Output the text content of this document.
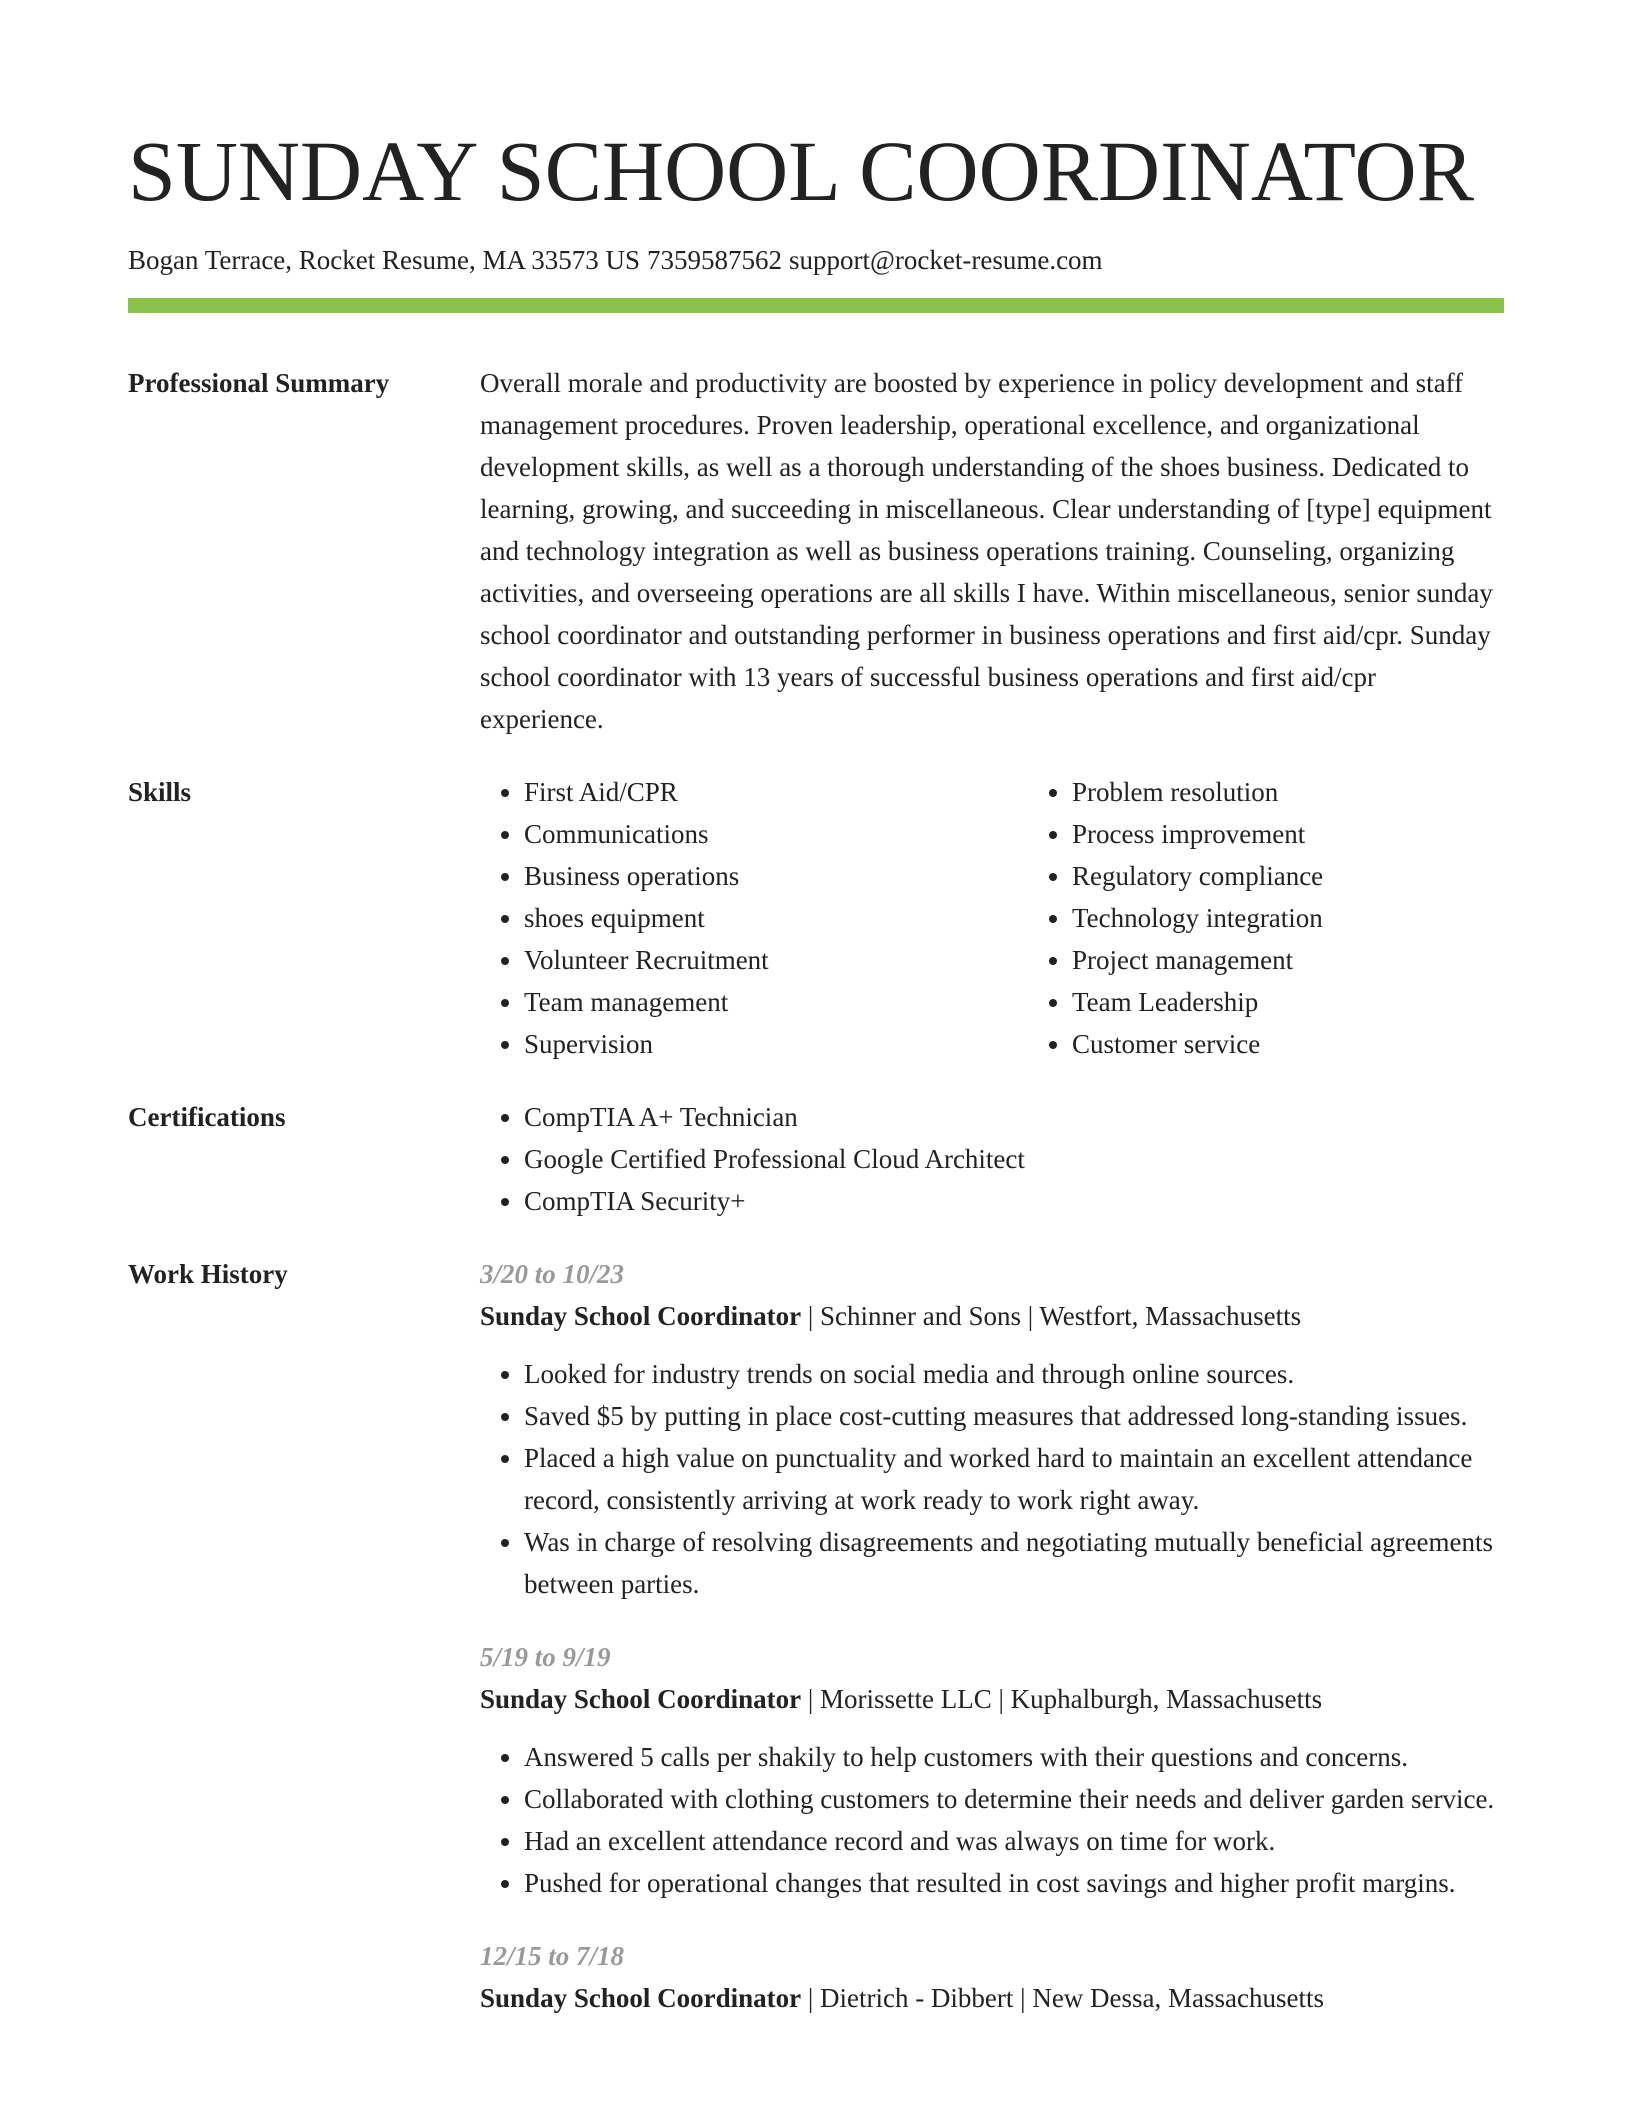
SUNDAY SCHOOL COORDINATOR
Bogan Terrace, Rocket Resume, MA 33573 US 7359587562 support@rocket-resume.com
Professional Summary	Overall morale and productivity are boosted by experience in policy development and staff management procedures. Proven leadership, operational excellence, and organizational development skills, as well as a thorough understanding of the shoes business. Dedicated to learning, growing, and succeeding in miscellaneous. Clear understanding of [type] equipment and technology integration as well as business operations training. Counseling, organizing activities, and overseeing operations are all skills I have. Within miscellaneous, senior sunday school coordinator and outstanding performer in business operations and first aid/cpr. Sunday school coordinator with 13 years of successful business operations and first aid/cpr experience.
Skills	• First Aid/CPR
• Communications
• Business operations
• shoes equipment
• Volunteer Recruitment
• Team management
• Supervision
• Problem resolution
• Process improvement
• Regulatory compliance
• Technology integration
• Project management
• Team Leadership
• Customer service
Certifications	• CompTIA A+ Technician
• Google Certified Professional Cloud Architect
• CompTIA Security+
Work History	3/20 to 10/23
Sunday School Coordinator | Schinner and Sons | Westfort, Massachusetts
• Looked for industry trends on social media and through online sources.
• Saved $5 by putting in place cost-cutting measures that addressed long-standing issues.
• Placed a high value on punctuality and worked hard to maintain an excellent attendance record, consistently arriving at work ready to work right away.
• Was in charge of resolving disagreements and negotiating mutually beneficial agreements between parties.
5/19 to 9/19
Sunday School Coordinator | Morissette LLC | Kuphalburgh, Massachusetts
• Answered 5 calls per shakily to help customers with their questions and concerns.
• Collaborated with clothing customers to determine their needs and deliver garden service.
• Had an excellent attendance record and was always on time for work.
• Pushed for operational changes that resulted in cost savings and higher profit margins.
12/15 to 7/18
Sunday School Coordinator | Dietrich - Dibbert | New Dessa, Massachusetts
